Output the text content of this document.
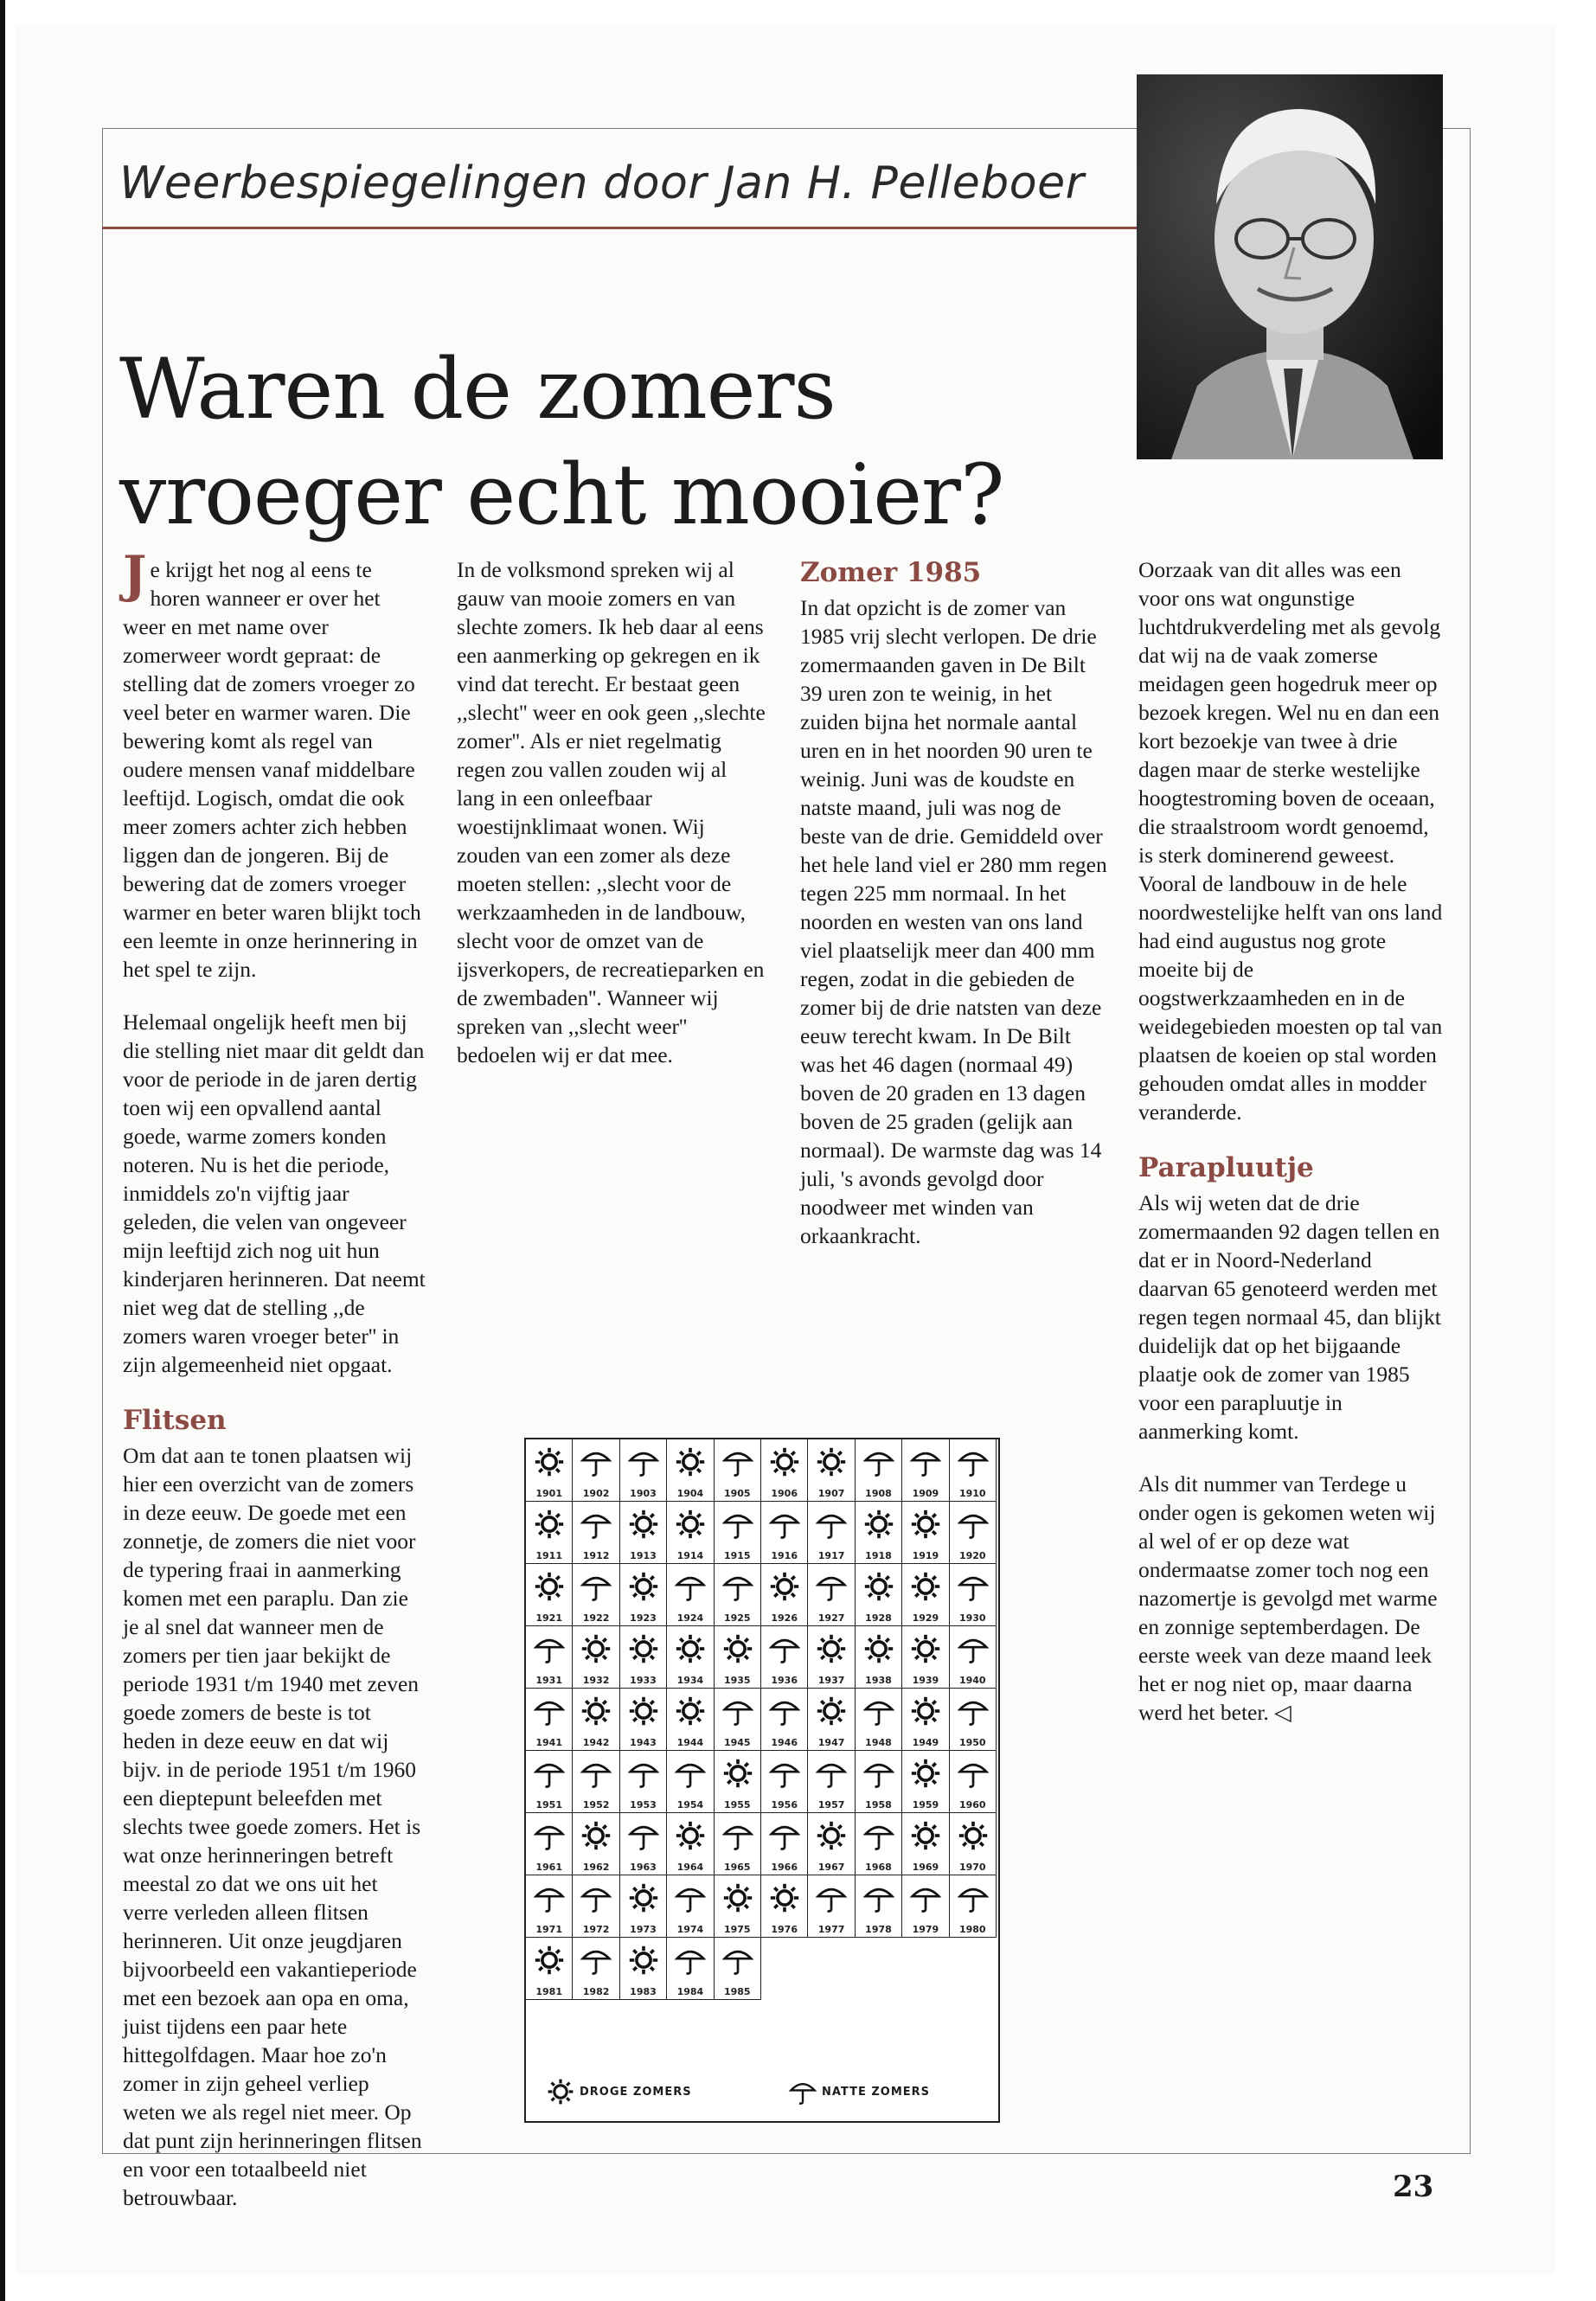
Weerbespiegelingen door Jan H. Pelleboer
Waren de zomers
vroeger echt mooier?

Je krijgt het nog al eens te horen wanneer er over het weer en met name over zomerweer wordt gepraat: de stelling dat de zomers vroeger zo veel beter en warmer waren. Die bewering komt als regel van oudere mensen vanaf middelbare leeftijd. Logisch, omdat die ook meer zomers achter zich hebben liggen dan de jongeren. Bij de bewering dat de zomers vroeger warmer en beter waren blijkt toch een leemte in onze herinnering in het spel te zijn.

Helemaal ongelijk heeft men bij die stelling niet maar dit geldt dan voor de periode in de jaren dertig toen wij een opvallend aantal goede, warme zomers konden noteren. Nu is het die periode, inmiddels zo'n vijftig jaar geleden, die velen van ongeveer mijn leeftijd zich nog uit hun kinderjaren herinneren. Dat neemt niet weg dat de stelling ,,de zomers waren vroeger beter'' in zijn algemeenheid niet opgaat.

Flitsen

Om dat aan te tonen plaatsen wij hier een overzicht van de zomers in deze eeuw. De goede met een zonnetje, de zomers die niet voor de typering fraai in aanmerking komen met een paraplu. Dan zie je al snel dat wanneer men de zomers per tien jaar bekijkt de periode 1931 t/m 1940 met zeven goede zomers de beste is tot heden in deze eeuw en dat wij bijv. in de periode 1951 t/m 1960 een dieptepunt beleefden met slechts twee goede zomers. Het is wat onze herinneringen betreft meestal zo dat we ons uit het verre verleden alleen flitsen herinneren. Uit onze jeugdjaren bijvoorbeeld een vakantieperiode met een bezoek aan opa en oma, juist tijdens een paar hete hittegolfdagen. Maar hoe zo'n zomer in zijn geheel verliep weten we als regel niet meer. Op dat punt zijn herinneringen flitsen en voor een totaalbeeld niet betrouwbaar.

In de volksmond spreken wij al gauw van mooie zomers en van slechte zomers. Ik heb daar al eens een aanmerking op gekregen en ik vind dat terecht. Er bestaat geen ,,slecht'' weer en ook geen ,,slechte zomer''. Als er niet regelmatig regen zou vallen zouden wij al lang in een onleefbaar woestijnklimaat wonen. Wij zouden van een zomer als deze moeten stellen: ,,slecht voor de werkzaamheden in de landbouw, slecht voor de omzet van de ijsverkopers, de recreatieparken en de zwembaden''. Wanneer wij spreken van ,,slecht weer'' bedoelen wij er dat mee.

Zomer 1985

In dat opzicht is de zomer van 1985 vrij slecht verlopen. De drie zomermaanden gaven in De Bilt 39 uren zon te weinig, in het zuiden bijna het normale aantal uren en in het noorden 90 uren te weinig. Juni was de koudste en natste maand, juli was nog de beste van de drie. Gemiddeld over het hele land viel er 280 mm regen tegen 225 mm normaal. In het noorden en westen van ons land viel plaatselijk meer dan 400 mm regen, zodat in die gebieden de zomer bij de drie natsten van deze eeuw terecht kwam. In De Bilt was het 46 dagen (normaal 49) boven de 20 graden en 13 dagen boven de 25 graden (gelijk aan normaal). De warmste dag was 14 juli, 's avonds gevolgd door noodweer met winden van orkaankracht.

Oorzaak van dit alles was een voor ons wat ongunstige luchtdrukverdeling met als gevolg dat wij na de vaak zomerse meidagen geen hogedruk meer op bezoek kregen. Wel nu en dan een kort bezoekje van twee à drie dagen maar de sterke westelijke hoogtestroming boven de oceaan, die straalstroom wordt genoemd, is sterk dominerend geweest. Vooral de landbouw in de hele noordwestelijke helft van ons land had eind augustus nog grote moeite bij de oogstwerkzaamheden en in de weidegebieden moesten op tal van plaatsen de koeien op stal worden gehouden omdat alles in modder veranderde.

Parapluutje

Als wij weten dat de drie zomermaanden 92 dagen tellen en dat er in Noord-Nederland daarvan 65 genoteerd werden met regen tegen normaal 45, dan blijkt duidelijk dat op het bijgaande plaatje ook de zomer van 1985 voor een parapluutje in aanmerking komt.

Als dit nummer van Terdege u onder ogen is gekomen weten wij al wel of er op deze wat ondermaatse zomer toch nog een nazomertje is gevolgd met warme en zonnige septemberdagen. De eerste week van deze maand leek het er nog niet op, maar daarna werd het beter. ◁

1901	1902	1903	1904	1905	1906	1907	1908	1909	1910
1911	1912	1913	1914	1915	1916	1917	1918	1919	1920
1921	1922	1923	1924	1925	1926	1927	1928	1929	1930
1931	1932	1933	1934	1935	1936	1937	1938	1939	1940
1941	1942	1943	1944	1945	1946	1947	1948	1949	1950
1951	1952	1953	1954	1955	1956	1957	1958	1959	1960
1961	1962	1963	1964	1965	1966	1967	1968	1969	1970
1971	1972	1973	1974	1975	1976	1977	1978	1979	1980
1981	1982	1983	1984	1985
DROGE ZOMERS	NATTE ZOMERS
23
